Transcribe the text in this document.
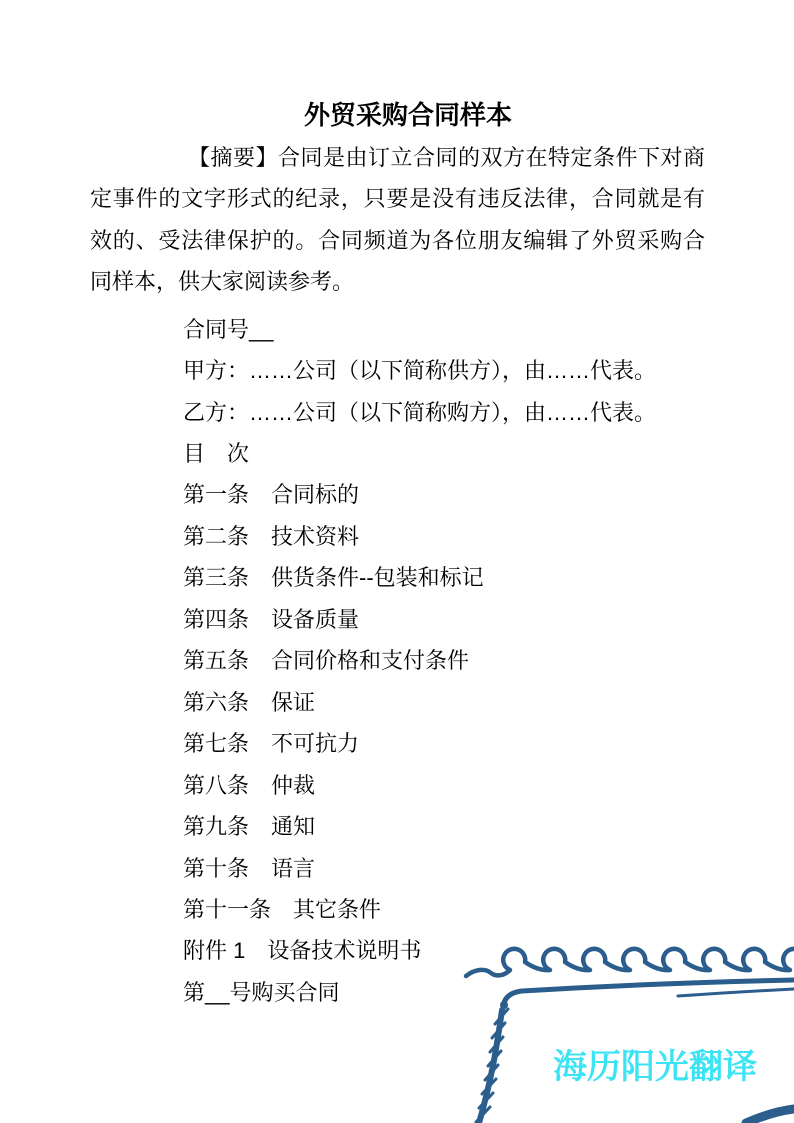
外贸采购合同样本

【摘要】合同是由订立合同的双方在特定条件下对商定事件的文字形式的纪录，只要是没有违反法律，合同就是有效的、受法律保护的。合同频道为各位朋友编辑了外贸采购合同样本，供大家阅读参考。

合同号__
甲方：……公司（以下简称供方），由……代表。
乙方：……公司（以下简称购方），由……代表。
目　次
第一条　合同标的
第二条　技术资料
第三条　供货条件--包装和标记
第四条　设备质量
第五条　合同价格和支付条件
第六条　保证
第七条　不可抗力
第八条　仲裁
第九条　通知
第十条　语言
第十一条　其它条件
附件 1　设备技术说明书
第__号购买合同
海历阳光翻译
